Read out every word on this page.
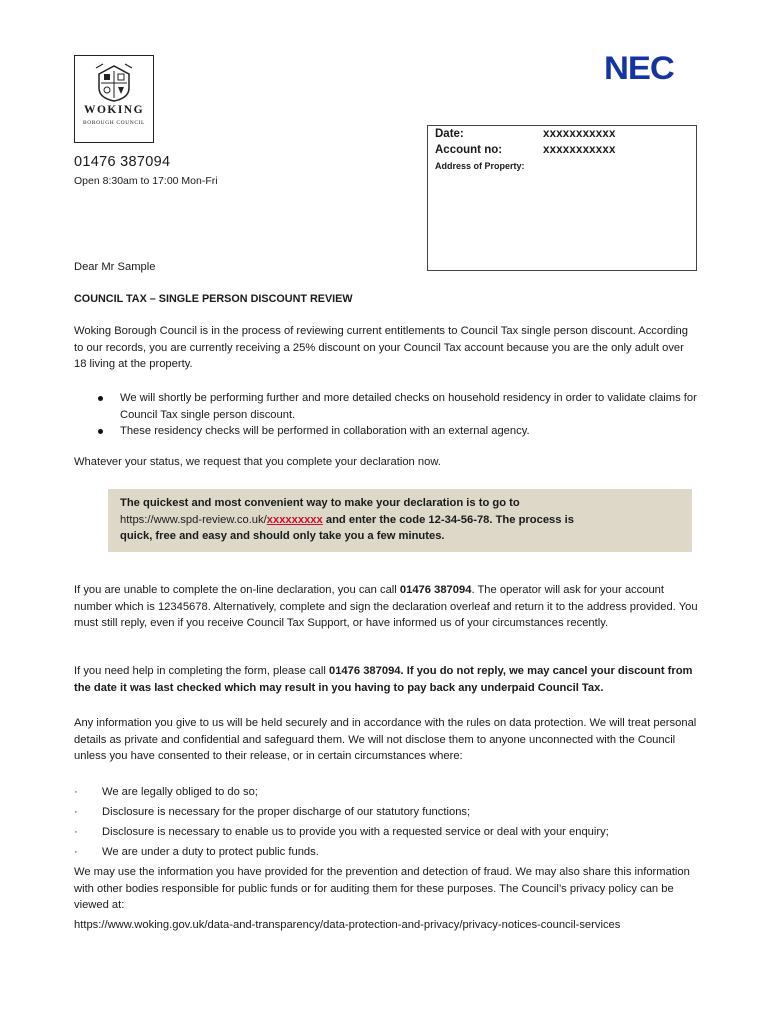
WOKING
BOROUGH COUNCIL
NEC
01476 387094
Open 8:30am to 17:00 Mon-Fri
Date:	xxxxxxxxxxx
Account no:	xxxxxxxxxxx
Address of Property:
Dear Mr Sample
COUNCIL TAX – SINGLE PERSON DISCOUNT REVIEW
Woking Borough Council is in the process of reviewing current entitlements to Council Tax single person discount. According to our records, you are currently receiving a 25% discount on your Council Tax account because you are the only adult over 18 living at the property.
We will shortly be performing further and more detailed checks on household residency in order to validate claims for Council Tax single person discount.
These residency checks will be performed in collaboration with an external agency.
Whatever your status, we request that you complete your declaration now.
The quickest and most convenient way to make your declaration is to go to
https://www.spd-review.co.uk/xxxxxxxxx and enter the code 12-34-56-78. The process is
quick, free and easy and should only take you a few minutes.
If you are unable to complete the on-line declaration, you can call 01476 387094. The operator will ask for your account number which is 12345678. Alternatively, complete and sign the declaration overleaf and return it to the address provided. You must still reply, even if you receive Council Tax Support, or have informed us of your circumstances recently.
If you need help in completing the form, please call 01476 387094. If you do not reply, we may cancel your discount from the date it was last checked which may result in you having to pay back any underpaid Council Tax.
Any information you give to us will be held securely and in accordance with the rules on data protection. We will treat personal details as private and confidential and safeguard them. We will not disclose them to anyone unconnected with the Council unless you have consented to their release, or in certain circumstances where:
· We are legally obliged to do so;
· Disclosure is necessary for the proper discharge of our statutory functions;
· Disclosure is necessary to enable us to provide you with a requested service or deal with your enquiry;
· We are under a duty to protect public funds.
We may use the information you have provided for the prevention and detection of fraud. We may also share this information with other bodies responsible for public funds or for auditing them for these purposes. The Council’s privacy policy can be viewed at:
https://www.woking.gov.uk/data-and-transparency/data-protection-and-privacy/privacy-notices-council-services
